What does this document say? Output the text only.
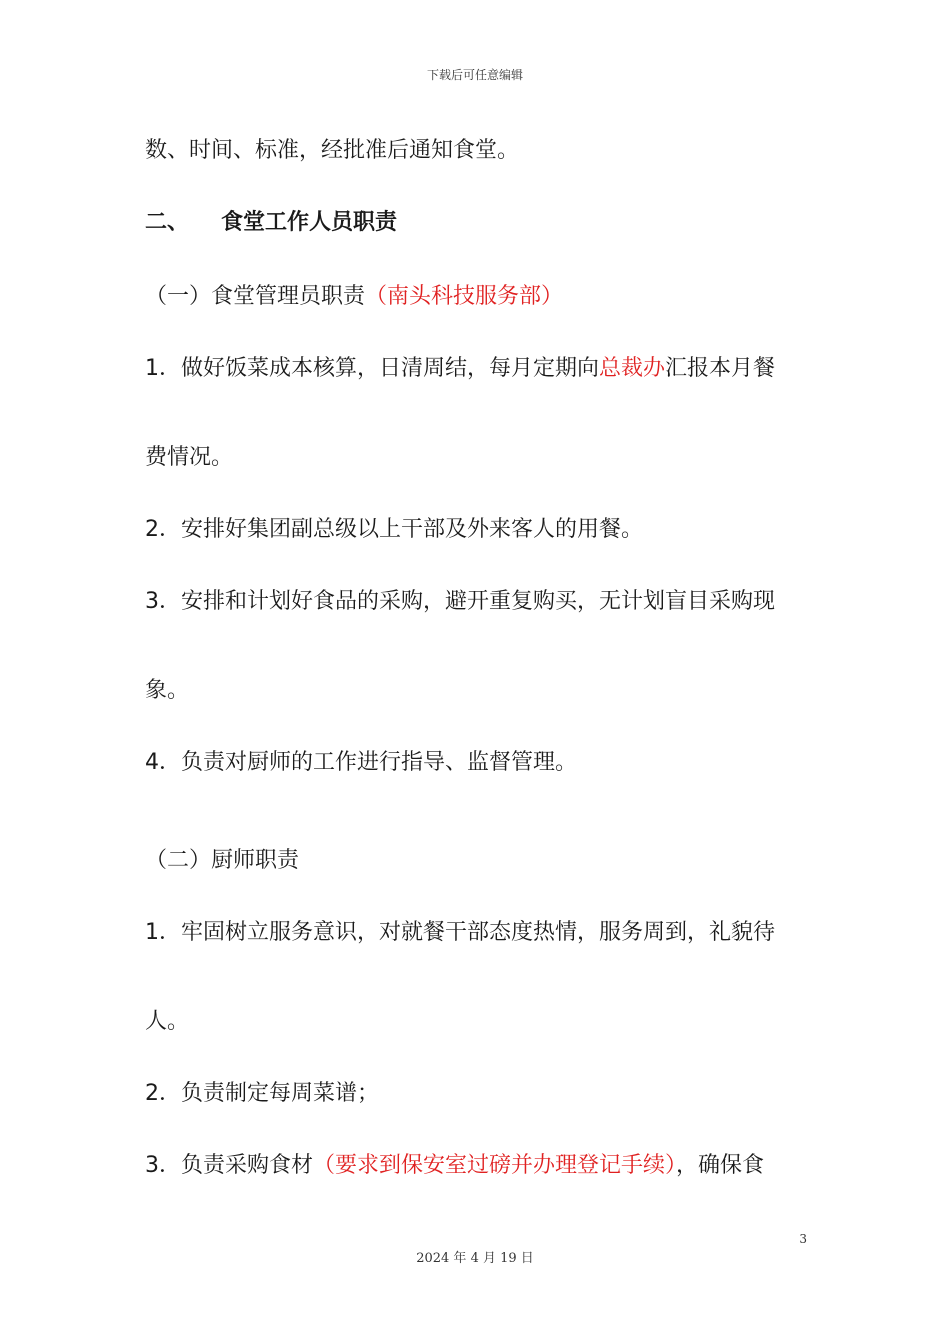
下载后可任意编辑
数、时间、标准，经批准后通知食堂。
二、 食堂工作人员职责
（一）食堂管理员职责（南头科技服务部）
1．做好饭菜成本核算，日清周结，每月定期向总裁办汇报本月餐
费情况。
2．安排好集团副总级以上干部及外来客人的用餐。
3．安排和计划好食品的采购，避开重复购买，无计划盲目采购现
象。
4．负责对厨师的工作进行指导、监督管理。
（二）厨师职责
1．牢固树立服务意识，对就餐干部态度热情，服务周到，礼貌待
人。
2．负责制定每周菜谱；
3．负责采购食材（要求到保安室过磅并办理登记手续），确保食
3
2024 年 4 月 19 日
